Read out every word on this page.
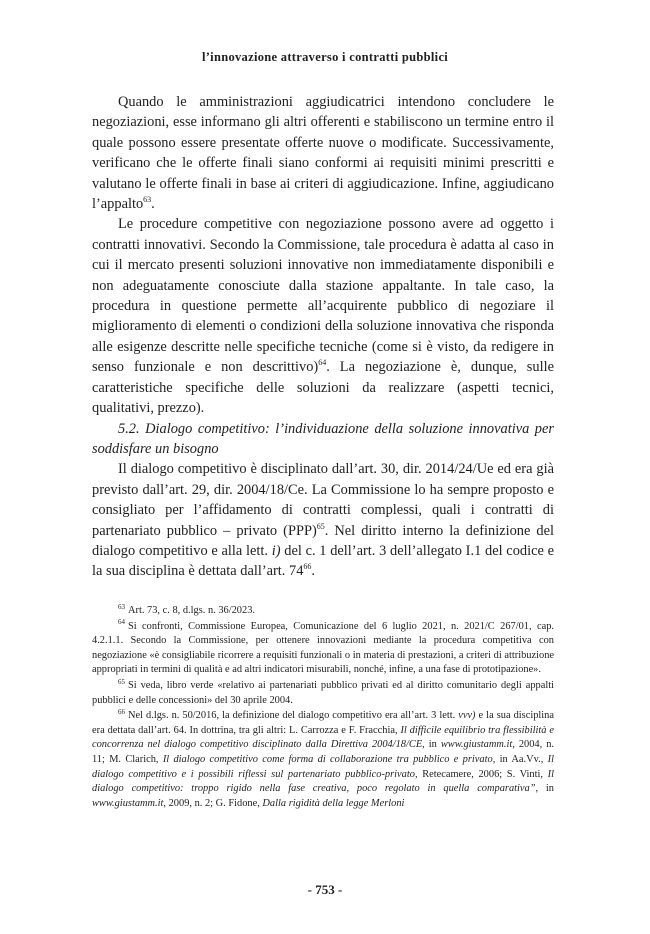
l’innovazione attraverso i contratti pubblici

Quando le amministrazioni aggiudicatrici intendono concludere le negoziazioni, esse informano gli altri offerenti e stabiliscono un termine entro il quale possono essere presentate offerte nuove o modificate. Successivamente, verificano che le offerte finali siano conformi ai requisiti minimi prescritti e valutano le offerte finali in base ai criteri di aggiudicazione. Infine, aggiudicano l’appalto$^{63}$.

Le procedure competitive con negoziazione possono avere ad oggetto i contratti innovativi. Secondo la Commissione, tale procedura è adatta al caso in cui il mercato presenti soluzioni innovative non immediatamente disponibili e non adeguatamente conosciute dalla stazione appaltante. In tale caso, la procedura in questione permette all’acquirente pubblico di negoziare il miglioramento di elementi o condizioni della soluzione innovativa che risponda alle esigenze descritte nelle specifiche tecniche (come si è visto, da redigere in senso funzionale e non descrittivo)$^{64}$. La negoziazione è, dunque, sulle caratteristiche specifiche delle soluzioni da realizzare (aspetti tecnici, qualitativi, prezzo).

5.2. Dialogo competitivo: l’individuazione della soluzione innovativa per soddisfare un bisogno

Il dialogo competitivo è disciplinato dall’art. 30, dir. 2014/24/Ue ed era già previsto dall’art. 29, dir. 2004/18/Ce. La Commissione lo ha sempre proposto e consigliato per l’affidamento di contratti complessi, quali i contratti di partenariato pubblico – privato (PPP)$^{65}$. Nel diritto interno la definizione del dialogo competitivo e alla lett. i) del c. 1 dell’art. 3 dell’allegato I.1 del codice e la sua disciplina è dettata dall’art. $74^{66}$.

$^{63}$ Art. 73, c. 8, d.lgs. n. 36/2023.

$^{64}$ Si confronti, Commissione Europea, Comunicazione del 6 luglio 2021, n. 2021/C 267/01, cap. 4.2.1.1. Secondo la Commissione, per ottenere innovazioni mediante la procedura competitiva con negoziazione «è consigliabile ricorrere a requisiti funzionali o in materia di prestazioni, a criteri di attribuzione appropriati in termini di qualità e ad altri indicatori misurabili, nonché, infine, a una fase di prototipazione».

$^{65}$ Si veda, libro verde «relativo ai partenariati pubblico privati ed al diritto comunitario degli appalti pubblici e delle concessioni» del 30 aprile 2004.

$^{66}$ Nel d.lgs. n. 50/2016, la definizione del dialogo competitivo era all’art. 3 lett. vvv) e la sua disciplina era dettata dall’art. 64. In dottrina, tra gli altri: L. Carrozza e F. Fracchia, Il difficile equilibrio tra flessibilità e concorrenza nel dialogo competitivo disciplinato dalla Direttiva 2004/18/CE, in www.giustamm.it, 2004, n. 11; M. Clarich, Il dialogo competitivo come forma di collaborazione tra pubblico e privato, in Aa.Vv., Il dialogo competitivo e i possibili riflessi sul partenariato pubblico-privato, Retecamere, 2006; S. Vinti, Il dialogo competitivo: troppo rigido nella fase creativa, poco regolato in quella comparativa”, in www.giustamm.it, 2009, n. 2; G. Fidone, Dalla rigidità della legge Merloni

- 753 -
